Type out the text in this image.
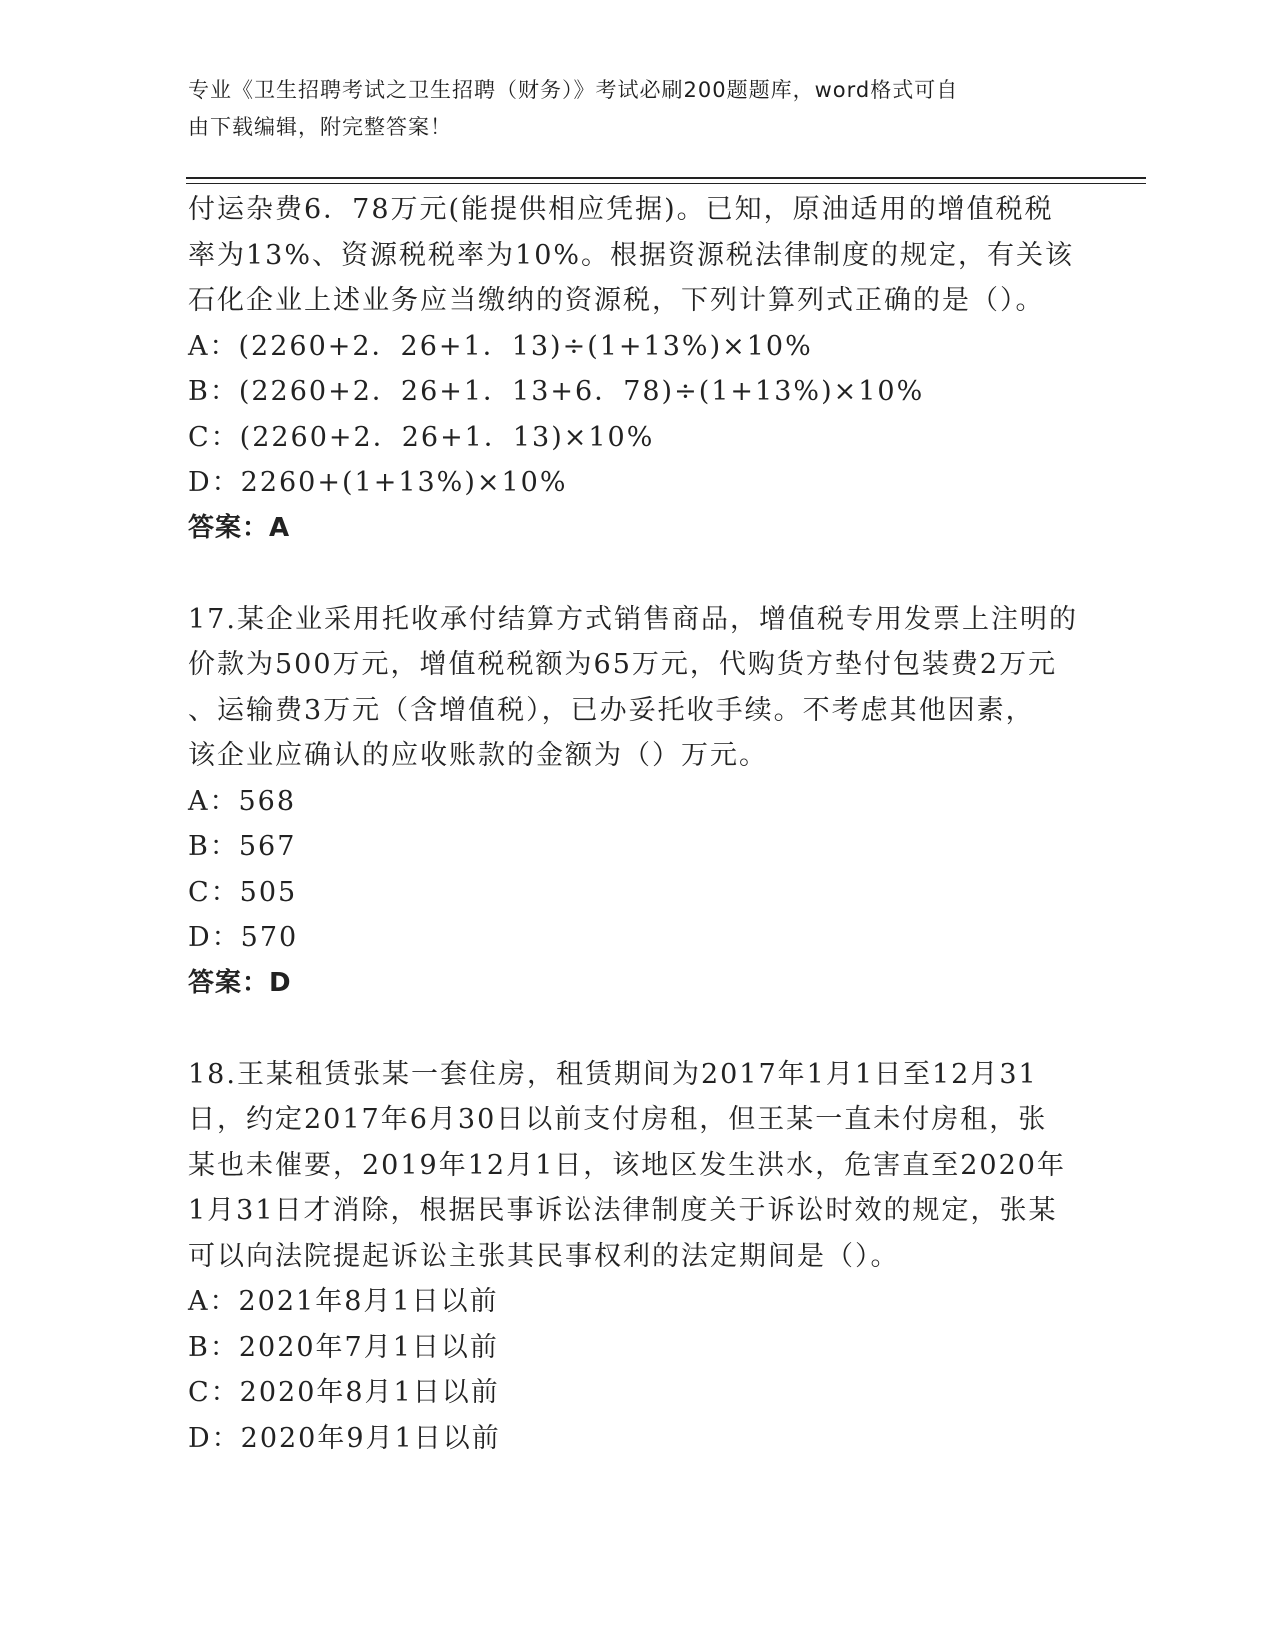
专业《卫生招聘考试之卫生招聘（财务）》考试必刷200题题库，word格式可自
由下载编辑，附完整答案！
付运杂费6．78万元(能提供相应凭据)。已知，原油适用的增值税税
率为13%、资源税税率为10%。根据资源税法律制度的规定，有关该
石化企业上述业务应当缴纳的资源税，下列计算列式正确的是（）。
A：(2260+2．26+1．13)÷(1+13%)×10%
B：(2260+2．26+1．13+6．78)÷(1+13%)×10%
C：(2260+2．26+1．13)×10%
D：2260+(1+13%)×10%
答案：A
17.某企业采用托收承付结算方式销售商品，增值税专用发票上注明的
价款为500万元，增值税税额为65万元，代购货方垫付包装费2万元
、运输费3万元（含增值税），已办妥托收手续。不考虑其他因素，
该企业应确认的应收账款的金额为（）万元。
A：568
B：567
C：505
D：570
答案：D
18.王某租赁张某一套住房，租赁期间为2017年1月1日至12月31
日，约定2017年6月30日以前支付房租，但王某一直未付房租，张
某也未催要，2019年12月1日，该地区发生洪水，危害直至2020年
1月31日才消除，根据民事诉讼法律制度关于诉讼时效的规定，张某
可以向法院提起诉讼主张其民事权利的法定期间是（）。
A：2021年8月1日以前
B：2020年7月1日以前
C：2020年8月1日以前
D：2020年9月1日以前
